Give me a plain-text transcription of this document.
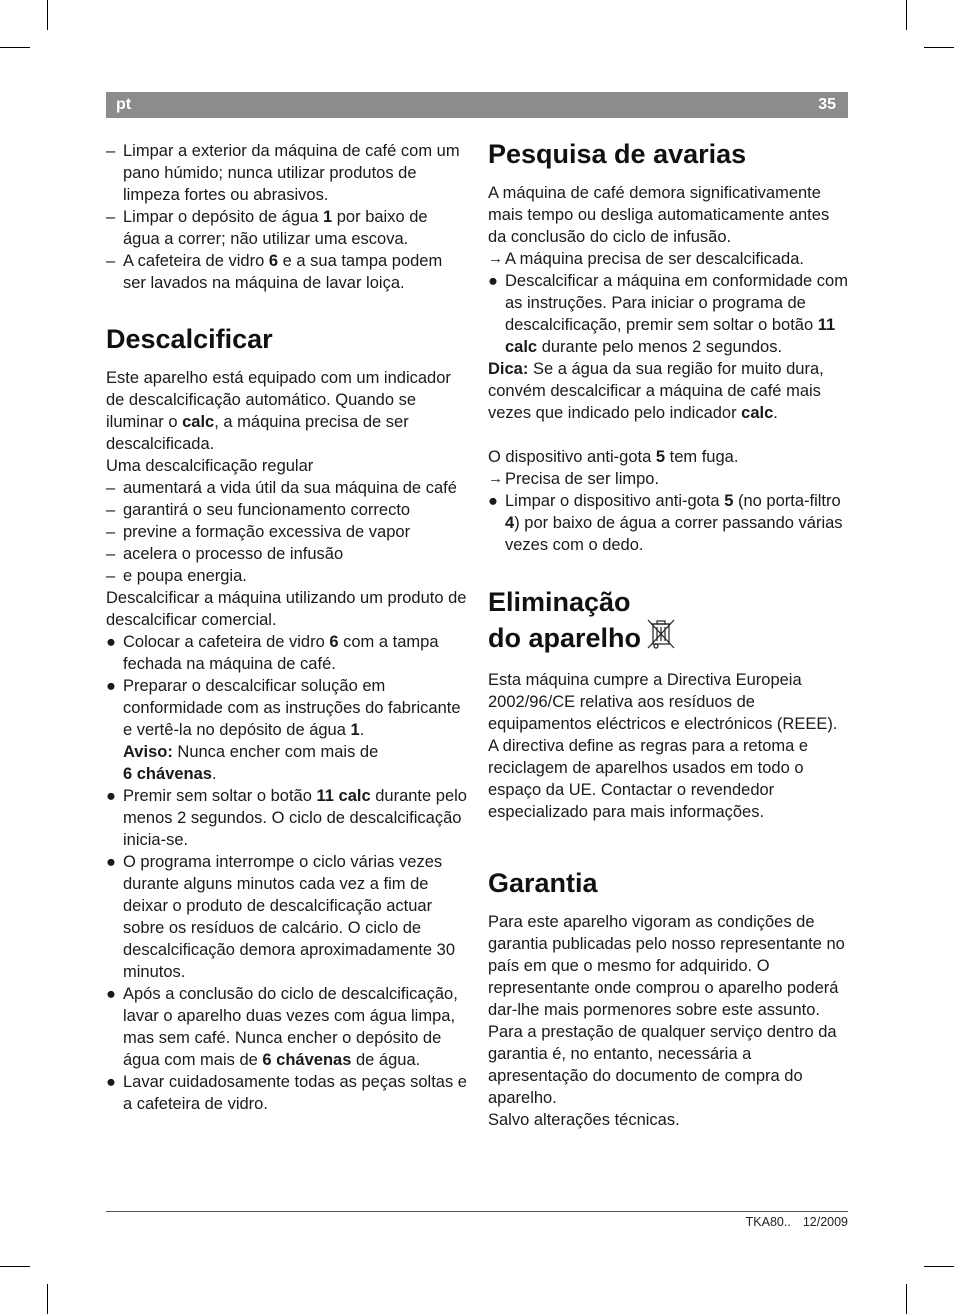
pt	35
– Limpar a exterior da máquina de café com um pano húmido; nunca utilizar produtos de limpeza fortes ou abrasivos.
– Limpar o depósito de água 1 por baixo de água a correr; não utilizar uma escova.
– A cafeteira de vidro 6 e a sua tampa podem ser lavados na máquina de lavar loiça.
Descalcificar

Este aparelho está equipado com um indicador de descalcificação automático. Quando se iluminar o calc, a máquina precisa de ser descalcificada.

Uma descalcificação regular

– aumentará a vida útil da sua máquina de café
– garantirá o seu funcionamento correcto
– previne a formação excessiva de vapor
– acelera o processo de infusão
– e poupa energia.

Descalcificar a máquina utilizando um produto de descalcificar comercial.

● Colocar a cafeteira de vidro 6 com a tampa fechada na máquina de café.
● Preparar o descalcificar solução em conformidade com as instruções do fabricante e vertê-la no depósito de água 1.
Aviso: Nunca encher com mais de
6 chávenas.
● Premir sem soltar o botão 11 calc durante pelo menos 2 segundos. O ciclo de descalcificação inicia-se.
● O programa interrompe o ciclo várias vezes durante alguns minutos cada vez a fim de deixar o produto de descalcificação actuar sobre os resíduos de calcário. O ciclo de descalcificação demora aproximadamente 30 minutos.
● Após a conclusão do ciclo de descalcificação, lavar o aparelho duas vezes com água limpa, mas sem café. Nunca encher o depósito de água com mais de 6 chávenas de água.
● Lavar cuidadosamente todas as peças soltas e a cafeteira de vidro.
Pesquisa de avarias

A máquina de café demora significativamente mais tempo ou desliga automaticamente antes da conclusão do ciclo de infusão.

→ A máquina precisa de ser descalcificada.
● Descalcificar a máquina em conformidade com as instruções. Para iniciar o programa de descalcificação, premir sem soltar o botão 11 calc durante pelo menos 2 segundos.

Dica: Se a água da sua região for muito dura, convém descalcificar a máquina de café mais vezes que indicado pelo indicador calc.

O dispositivo anti-gota 5 tem fuga.

→ Precisa de ser limpo.
● Limpar o dispositivo anti-gota 5 (no porta-filtro 4) por baixo de água a correr passando várias vezes com o dedo.
Eliminação
do aparelho

Esta máquina cumpre a Directiva Europeia 2002/96/CE relativa aos resíduos de equipamentos eléctricos e electrónicos (REEE). A directiva define as regras para a retoma e reciclagem de aparelhos usados em todo o espaço da UE. Contactar o revendedor especializado para mais informações.

Garantia

Para este aparelho vigoram as condições de garantia publicadas pelo nosso representante no país em que o mesmo for adquirido. O representante onde comprou o aparelho poderá dar-lhe mais pormenores sobre este assunto. Para a prestação de qualquer serviço dentro da garantia é, no entanto, necessária a apresentação do documento de compra do aparelho.

Salvo alterações técnicas.

TKA80.. 12/2009
